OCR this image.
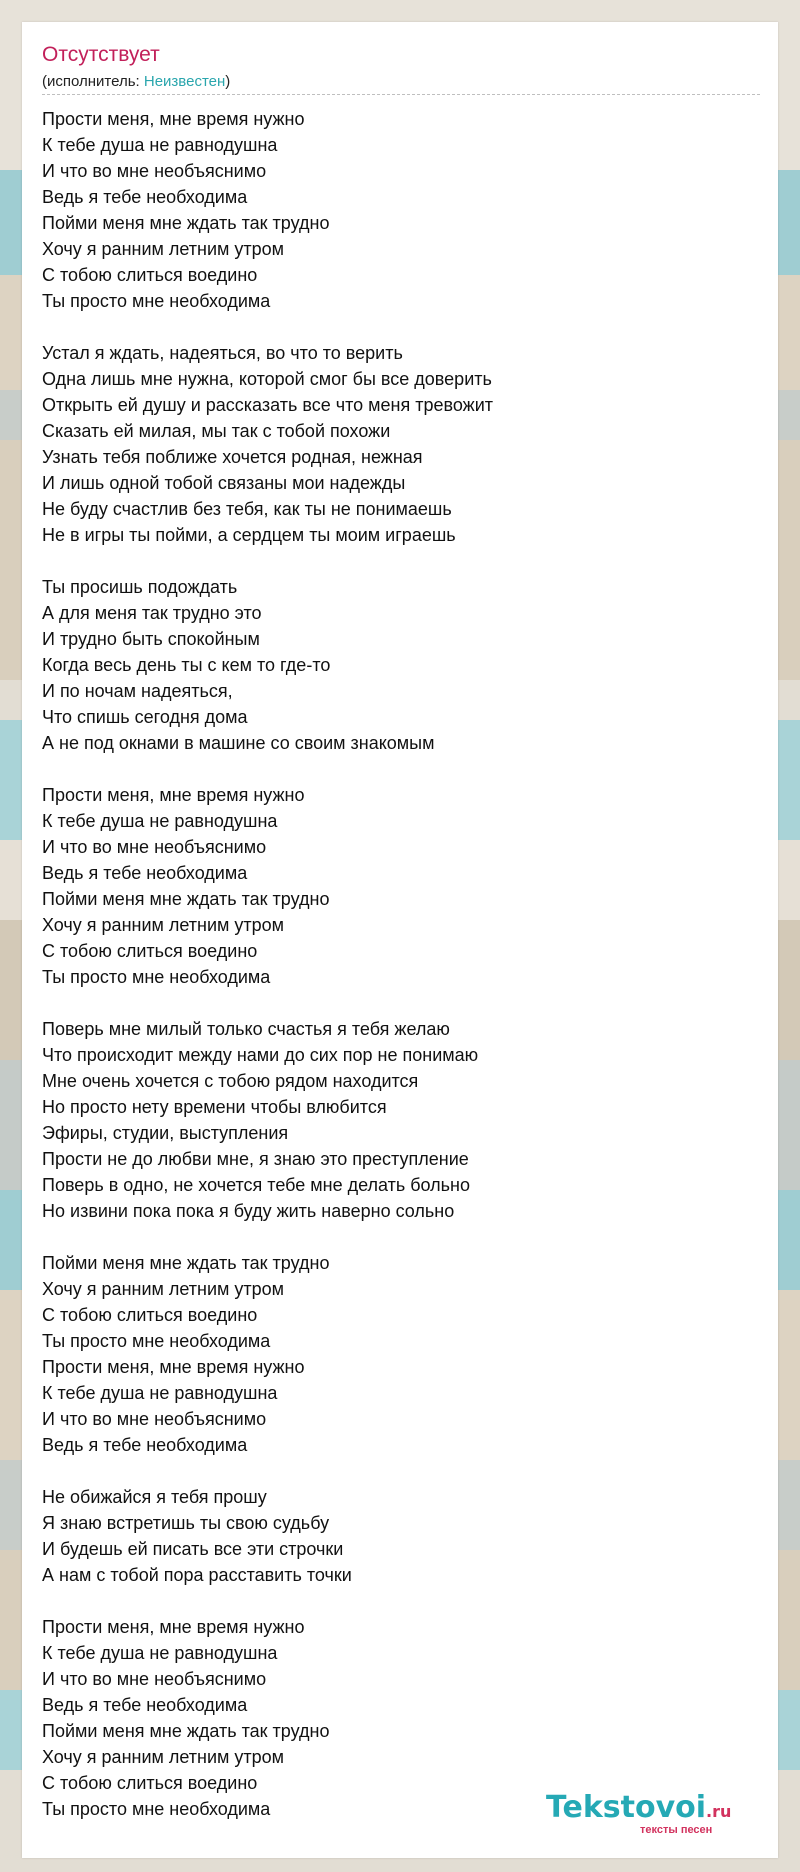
Отсутствует
(исполнитель: Неизвестен)
Прости меня, мне время нужно
К тебе душа не равнодушна
И что во мне необъяснимо
Ведь я тебе необходима
Пойми меня мне ждать так трудно
Хочу я ранним летним утром
С тобою слиться воедино
Ты просто мне необходима
Устал я ждать, надеяться, во что то верить
Одна лишь мне нужна, которой смог бы все доверить
Открыть ей душу и рассказать все что меня тревожит
Сказать ей милая, мы так с тобой похожи
Узнать тебя поближе хочется родная, нежная
И лишь одной тобой связаны мои надежды
Не буду счастлив без тебя, как ты не понимаешь
Не в игры ты пойми, а сердцем ты моим играешь
Ты просишь подождать
А для меня так трудно это
И трудно быть спокойным
Когда весь день ты с кем то где-то
И по ночам надеяться,
Что спишь сегодня дома
А не под окнами в машине со своим знакомым
Прости меня, мне время нужно
К тебе душа не равнодушна
И что во мне необъяснимо
Ведь я тебе необходима
Пойми меня мне ждать так трудно
Хочу я ранним летним утром
С тобою слиться воедино
Ты просто мне необходима
Поверь мне милый только счастья я тебя желаю
Что происходит между нами до сих пор не понимаю
Мне очень хочется с тобою рядом находится
Но просто нету времени чтобы влюбится
Эфиры, студии, выступления
Прости не до любви мне, я знаю это преступление
Поверь в одно, не хочется тебе мне делать больно
Но извини пока пока я буду жить наверно сольно
Пойми меня мне ждать так трудно
Хочу я ранним летним утром
С тобою слиться воедино
Ты просто мне необходима
Прости меня, мне время нужно
К тебе душа не равнодушна
И что во мне необъяснимо
Ведь я тебе необходима
Не обижайся я тебя прошу
Я знаю встретишь ты свою судьбу
И будешь ей писать все эти строчки
А нам с тобой пора расставить точки
Прости меня, мне время нужно
К тебе душа не равнодушна
И что во мне необъяснимо
Ведь я тебе необходима
Пойми меня мне ждать так трудно
Хочу я ранним летним утром
С тобою слиться воедино
Ты просто мне необходима	Tekstovoi.ru
тексты песен
